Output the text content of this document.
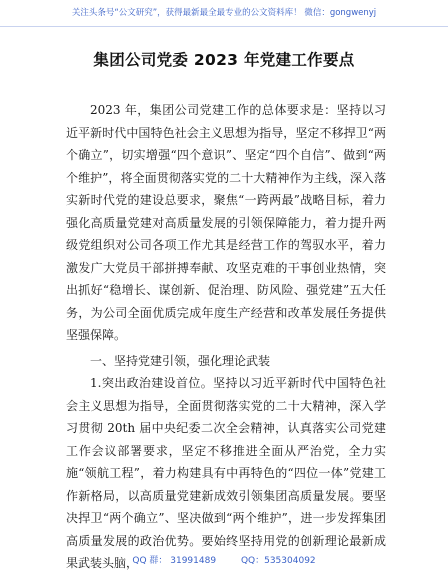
关注头条号“公文研究”，获得最新最全最专业的公文资料库！ 微信：gongwenyj
集团公司党委 2023 年党建工作要点

2023 年，集团公司党建工作的总体要求是：坚持以习近平新时代中国特色社会主义思想为指导，坚定不移捍卫“两个确立”，切实增强“四个意识”、坚定“四个自信”、做到“两个维护”，将全面贯彻落实党的二十大精神作为主线，深入落实新时代党的建设总要求，聚焦“一跨两最”战略目标，着力强化高质量党建对高质量发展的引领保障能力，着力提升两级党组织对公司各项工作尤其是经营工作的驾驭水平，着力激发广大党员干部拼搏奉献、攻坚克难的干事创业热情，突出抓好“稳增长、谋创新、促治理、防风险、强党建”五大任务，为公司全面优质完成年度生产经营和改革发展任务提供坚强保障。

一、坚持党建引领，强化理论武装

1.突出政治建设首位。坚持以习近平新时代中国特色社会主义思想为指导，全面贯彻落实党的二十大精神，深入学习贯彻 20th 届中央纪委二次全会精神，认真落实公司党建工作会议部署要求，坚定不移推进全面从严治党，全力实施“领航工程”，着力构建具有中再特色的“四位一体”党建工作新格局，以高质量党建新成效引领集团高质量发展。要坚决捍卫“两个确立”、坚决做到“两个维护”，进一步发挥集团高质量发展的政治优势。要始终坚持用党的创新理论最新成果武装头脑，

QQ 群： 31991489	QQ：535304092
